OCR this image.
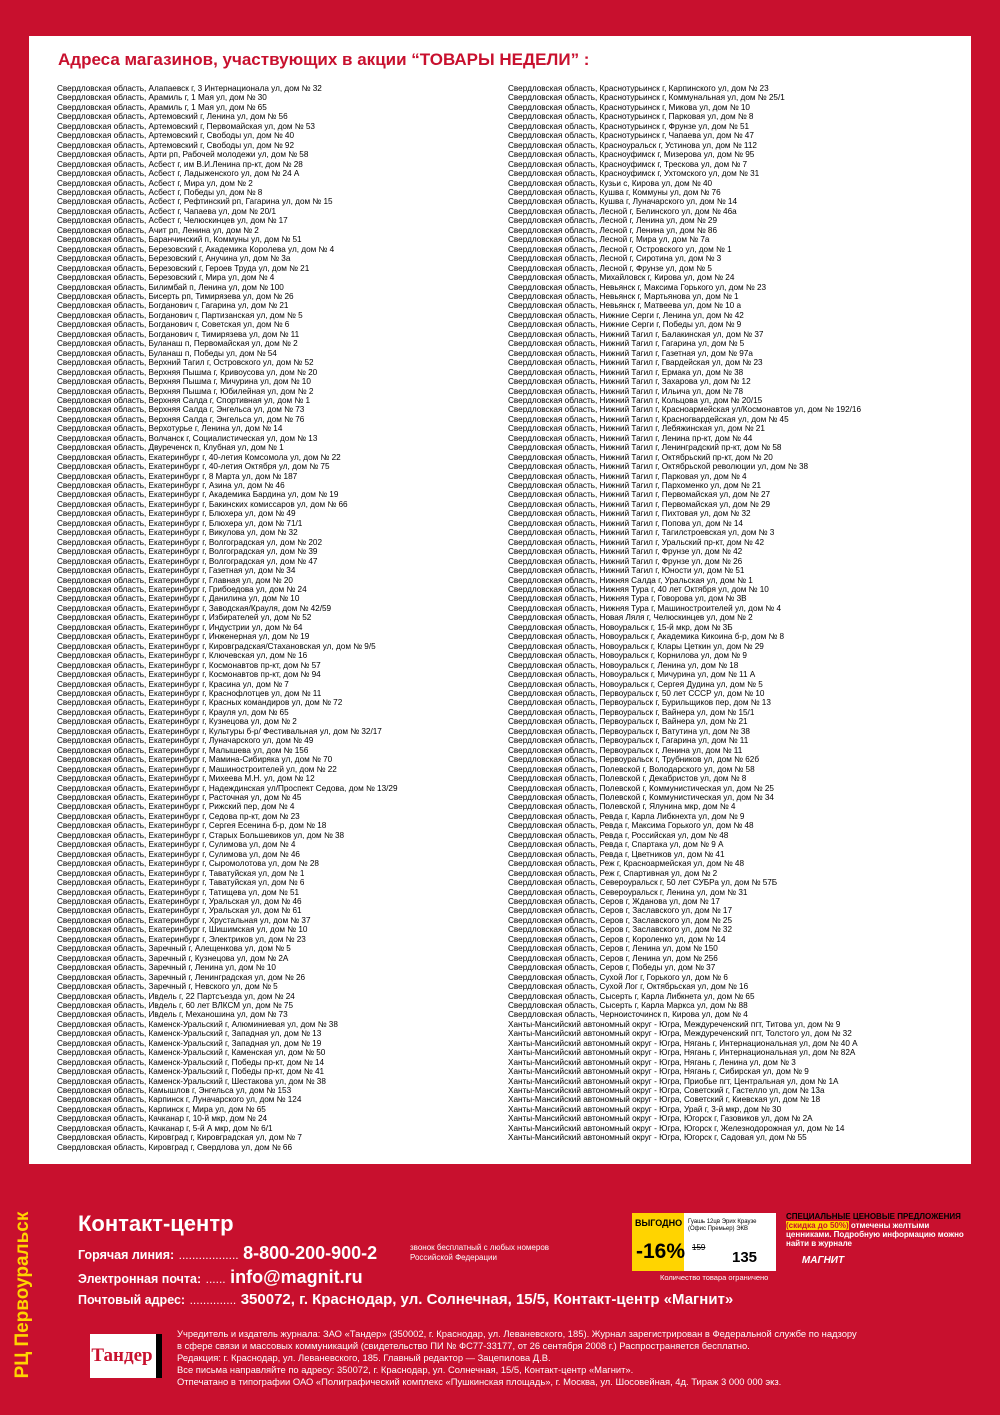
Адреса магазинов, участвующих в акции “ТОВАРЫ НЕДЕЛИ” :
Свердловская область, Алапаевск г, 3 Интернационала ул, дом № 32
Свердловская область, Арамиль г, 1 Мая ул, дом № 30
Свердловская область, Арамиль г, 1 Мая ул, дом № 65
Свердловская область, Артемовский г, Ленина ул, дом № 56
Свердловская область, Артемовский г, Первомайская ул, дом № 53
Свердловская область, Артемовский г, Свободы ул, дом № 40
Свердловская область, Артемовский г, Свободы ул, дом № 92
Свердловская область, Арти рп, Рабочей молодежи ул, дом № 58
Свердловская область, Асбест г, им В.И.Ленина пр-кт, дом № 28
Свердловская область, Асбест г, Ладыженского ул, дом № 24 А
Свердловская область, Асбест г, Мира ул, дом № 2
Свердловская область, Асбест г, Победы ул, дом № 8
Свердловская область, Асбест г, Рефтинский рп, Гагарина ул, дом № 15
Свердловская область, Асбест г, Чапаева ул, дом № 20/1
Свердловская область, Асбест г, Челюскинцев ул, дом № 17
Свердловская область, Ачит рп, Ленина ул, дом № 2
Свердловская область, Баранчинский п, Коммуны ул, дом № 51
Свердловская область, Березовский г, Академика Королева ул, дом № 4
Свердловская область, Березовский г, Анучина ул, дом № 3а
Свердловская область, Березовский г, Героев Труда ул, дом № 21
Свердловская область, Березовский г, Мира ул, дом № 4
Свердловская область, Билимбай п, Ленина ул, дом № 100
Свердловская область, Бисерть рп, Тимирязева ул, дом № 26
Свердловская область, Богданович г, Гагарина ул, дом № 21
Свердловская область, Богданович г, Партизанская ул, дом № 5
Свердловская область, Богданович г, Советская ул, дом № 6
Свердловская область, Богданович г, Тимирязева ул, дом № 11
Свердловская область, Буланаш п, Первомайская ул, дом № 2
Свердловская область, Буланаш п, Победы ул, дом № 54
Свердловская область, Верхний Тагил г, Островского ул, дом № 52
Свердловская область, Верхняя Пышма г, Кривоусова ул, дом № 20
Свердловская область, Верхняя Пышма г, Мичурина ул, дом № 10
Свердловская область, Верхняя Пышма г, Юбилейная ул, дом № 2
Свердловская область, Верхняя Салда г, Спортивная ул, дом № 1
Свердловская область, Верхняя Салда г, Энгельса ул, дом № 73
Свердловская область, Верхняя Салда г, Энгельса ул, дом № 76
Свердловская область, Верхотурье г, Ленина ул, дом № 14
Свердловская область, Волчанск г, Социалистическая ул, дом № 13
Свердловская область, Двуреченск п, Клубная ул, дом № 1
Свердловская область, Екатеринбург г, 40-летия Комсомола ул, дом № 22
Свердловская область, Екатеринбург г, 40-летия Октября ул, дом № 75
Свердловская область, Екатеринбург г, 8 Марта ул, дом № 187
Свердловская область, Екатеринбург г, Азина ул, дом № 46
Свердловская область, Екатеринбург г, Академика Бардина ул, дом № 19
Свердловская область, Екатеринбург г, Бакинских комиссаров ул, дом № 66
Свердловская область, Екатеринбург г, Блюхера ул, дом № 49
Свердловская область, Екатеринбург г, Блюхера ул, дом № 71/1
Свердловская область, Екатеринбург г, Викулова ул, дом № 32
Свердловская область, Екатеринбург г, Волгоградская ул, дом № 202
Свердловская область, Екатеринбург г, Волгоградская ул, дом № 39
Свердловская область, Екатеринбург г, Волгоградская ул, дом № 47
Свердловская область, Екатеринбург г, Газетная ул, дом № 34
Свердловская область, Екатеринбург г, Главная ул, дом № 20
Свердловская область, Екатеринбург г, Грибоедова ул, дом № 24
Свердловская область, Екатеринбург г, Данилина ул, дом № 10
Свердловская область, Екатеринбург г, Заводская/Крауля, дом № 42/59
Свердловская область, Екатеринбург г, Избирателей ул, дом № 52
Свердловская область, Екатеринбург г, Индустрии ул, дом № 64
Свердловская область, Екатеринбург г, Инженерная ул, дом № 19
Свердловская область, Екатеринбург г, Кировградская/Стахановская ул, дом № 9/5
Свердловская область, Екатеринбург г, Ключевская ул, дом № 16
Свердловская область, Екатеринбург г, Космонавтов пр-кт, дом № 57
Свердловская область, Екатеринбург г, Космонавтов пр-кт, дом № 94
Свердловская область, Екатеринбург г, Красина ул, дом № 7
Свердловская область, Екатеринбург г, Краснофлотцев ул, дом № 11
Свердловская область, Екатеринбург г, Красных командиров ул, дом № 72
Свердловская область, Екатеринбург г, Крауля ул, дом № 65
Свердловская область, Екатеринбург г, Кузнецова ул, дом № 2
Свердловская область, Екатеринбург г, Культуры б-р/ Фестивальная ул, дом № 32/17
Свердловская область, Екатеринбург г, Луначарского ул, дом № 49
Свердловская область, Екатеринбург г, Малышева ул, дом № 156
Свердловская область, Екатеринбург г, Мамина-Сибиряка ул, дом № 70
Свердловская область, Екатеринбург г, Машиностроителей ул, дом № 22
Свердловская область, Екатеринбург г, Михеева М.Н. ул, дом № 12
Свердловская область, Екатеринбург г, Надеждинская ул/Проспект Седова, дом № 13/29
Свердловская область, Екатеринбург г, Расточная ул, дом № 45
Свердловская область, Екатеринбург г, Рижский пер, дом № 4
Свердловская область, Екатеринбург г, Седова пр-кт, дом № 23
Свердловская область, Екатеринбург г, Сергея Есенина б-р, дом № 18
Свердловская область, Екатеринбург г, Старых Большевиков ул, дом № 38
Свердловская область, Екатеринбург г, Сулимова ул, дом № 4
Свердловская область, Екатеринбург г, Сулимова ул, дом № 46
Свердловская область, Екатеринбург г, Сыромолотова ул, дом № 28
Свердловская область, Екатеринбург г, Таватуйская ул, дом № 1
Свердловская область, Екатеринбург г, Таватуйская ул, дом № 6
Свердловская область, Екатеринбург г, Татищева ул, дом № 51
Свердловская область, Екатеринбург г, Уральская ул, дом № 46
Свердловская область, Екатеринбург г, Уральская ул, дом № 61
Свердловская область, Екатеринбург г, Хрустальная ул, дом № 37
Свердловская область, Екатеринбург г, Шишимская ул, дом № 10
Свердловская область, Екатеринбург г, Электриков ул, дом № 23
Свердловская область, Заречный г, Алещенкова ул, дом № 5
Свердловская область, Заречный г, Кузнецова ул, дом № 2А
Свердловская область, Заречный г, Ленина ул, дом № 10
Свердловская область, Заречный г, Ленинградская ул, дом № 26
Свердловская область, Заречный г, Невского ул, дом № 5
Свердловская область, Ивдель г, 22 Партсъезда ул, дом № 24
Свердловская область, Ивдель г, 60 лет ВЛКСМ ул, дом № 75
Свердловская область, Ивдель г, Механошина ул, дом № 73
Свердловская область, Каменск-Уральский г, Алюминиевая ул, дом № 38
Свердловская область, Каменск-Уральский г, Западная ул, дом № 13
Свердловская область, Каменск-Уральский г, Западная ул, дом № 19
Свердловская область, Каменск-Уральский г, Каменская ул, дом № 50
Свердловская область, Каменск-Уральский г, Победы пр-кт, дом № 14
Свердловская область, Каменск-Уральский г, Победы пр-кт, дом № 41
Свердловская область, Каменск-Уральский г, Шестакова ул, дом № 38
Свердловская область, Камышлов г, Энгельса ул, дом № 153
Свердловская область, Карпинск г, Луначарского ул, дом № 124
Свердловская область, Карпинск г, Мира ул, дом № 65
Свердловская область, Качканар г, 10-й мкр, дом № 24
Свердловская область, Качканар г, 5-й А мкр, дом № 6/1
Свердловская область, Кировград г, Кировградская ул, дом № 7
Свердловская область, Кировград г, Свердлова ул, дом № 66
Свердловская область, Краснотурьинск г, Карпинского ул, дом № 23
Свердловская область, Краснотурьинск г, Коммунальная ул, дом № 25/1
Свердловская область, Краснотурьинск г, Микова ул, дом № 10
Свердловская область, Краснотурьинск г, Парковая ул, дом № 8
Свердловская область, Краснотурьинск г, Фрунзе ул, дом № 51
Свердловская область, Краснотурьинск г, Чапаева ул, дом № 47
Свердловская область, Красноуральск г, Устинова ул, дом № 112
Свердловская область, Красноуфимск г, Мизерова ул, дом № 95
Свердловская область, Красноуфимск г, Трескова ул, дом № 7
Свердловская область, Красноуфимск г, Ухтомского ул, дом № 31
Свердловская область, Кузьи с, Кирова ул, дом № 40
Свердловская область, Кушва г, Коммуны ул, дом № 76
Свердловская область, Кушва г, Луначарского ул, дом № 14
Свердловская область, Лесной г, Белинского ул, дом № 46а
Свердловская область, Лесной г, Ленина ул, дом № 29
Свердловская область, Лесной г, Ленина ул, дом № 86
Свердловская область, Лесной г, Мира ул, дом № 7а
Свердловская область, Лесной г, Островского ул, дом № 1
Свердловская область, Лесной г, Сиротина ул, дом № 3
Свердловская область, Лесной г, Фрунзе ул, дом № 5
Свердловская область, Михайловск г, Кирова ул, дом № 24
Свердловская область, Невьянск г, Максима Горького ул, дом № 23
Свердловская область, Невьянск г, Мартьянова ул, дом № 1
Свердловская область, Невьянск г, Матвеева ул, дом № 10 а
Свердловская область, Нижние Серги г, Ленина ул, дом № 42
Свердловская область, Нижние Серги г, Победы ул, дом № 9
Свердловская область, Нижний Тагил г, Балакинская ул, дом № 37
Свердловская область, Нижний Тагил г, Гагарина ул, дом № 5
Свердловская область, Нижний Тагил г, Газетная ул, дом № 97а
Свердловская область, Нижний Тагил г, Гвардейская ул, дом № 23
Свердловская область, Нижний Тагил г, Ермака ул, дом № 38
Свердловская область, Нижний Тагил г, Захарова ул, дом № 12
Свердловская область, Нижний Тагил г, Ильича ул, дом № 78
Свердловская область, Нижний Тагил г, Кольцова ул, дом № 20/15
Свердловская область, Нижний Тагил г, Красноармейская ул/Космонавтов ул, дом № 192/16
Свердловская область, Нижний Тагил г, Красногвардейская ул, дом № 45
Свердловская область, Нижний Тагил г, Лебяжинская ул, дом № 21
Свердловская область, Нижний Тагил г, Ленина пр-кт, дом № 44
Свердловская область, Нижний Тагил г, Ленинградский пр-кт, дом № 58
Свердловская область, Нижний Тагил г, Октябрьский пр-кт, дом № 20
Свердловская область, Нижний Тагил г, Октябрьской революции ул, дом № 38
Свердловская область, Нижний Тагил г, Парковая ул, дом № 4
Свердловская область, Нижний Тагил г, Пархоменко ул, дом № 21
Свердловская область, Нижний Тагил г, Первомайская ул, дом № 27
Свердловская область, Нижний Тагил г, Первомайская ул, дом № 29
Свердловская область, Нижний Тагил г, Пихтовая ул, дом № 32
Свердловская область, Нижний Тагил г, Попова ул, дом № 14
Свердловская область, Нижний Тагил г, Тагилстроевская ул, дом № 3
Свердловская область, Нижний Тагил г, Уральский пр-кт, дом № 42
Свердловская область, Нижний Тагил г, Фрунзе ул, дом № 42
Свердловская область, Нижний Тагил г, Фрунзе ул, дом № 26
Свердловская область, Нижний Тагил г, Юности ул, дом № 51
Свердловская область, Нижняя Салда г, Уральская ул, дом № 1
Свердловская область, Нижняя Тура г, 40 лет Октября ул, дом № 10
Свердловская область, Нижняя Тура г, Говорова ул, дом № 3В
Свердловская область, Нижняя Тура г, Машиностроителей ул, дом № 4
Свердловская область, Новая Ляля г, Челюскинцев ул, дом № 2
Свердловская область, Новоуральск г, 15-й мкр, дом № 3Б
Свердловская область, Новоуральск г, Академика Кикоина б-р, дом № 8
Свердловская область, Новоуральск г, Клары Цеткин ул, дом № 29
Свердловская область, Новоуральск г, Корнилова ул, дом № 9
Свердловская область, Новоуральск г, Ленина ул, дом № 18
Свердловская область, Новоуральск г, Мичурина ул, дом № 11 А
Свердловская область, Новоуральск г, Сергея Дудина ул, дом № 5
Свердловская область, Первоуральск г, 50 лет СССР ул, дом № 10
Свердловская область, Первоуральск г, Бурильщиков пер, дом № 13
Свердловская область, Первоуральск г, Вайнера ул, дом № 15/1
Свердловская область, Первоуральск г, Вайнера ул, дом № 21
Свердловская область, Первоуральск г, Ватутина ул, дом № 38
Свердловская область, Первоуральск г, Гагарина ул, дом № 11
Свердловская область, Первоуральск г, Ленина ул, дом № 11
Свердловская область, Первоуральск г, Трубников ул, дом № 62б
Свердловская область, Полевской г, Володарского ул, дом № 58
Свердловская область, Полевской г, Декабристов ул, дом № 8
Свердловская область, Полевской г, Коммунистическая ул, дом № 25
Свердловская область, Полевской г, Коммунистическая ул, дом № 34
Свердловская область, Полевской г, Ялунина мкр, дом № 4
Свердловская область, Ревда г, Карла Либкнехта ул, дом № 9
Свердловская область, Ревда г, Максима Горького ул, дом № 48
Свердловская область, Ревда г, Российская ул, дом № 48
Свердловская область, Ревда г, Спартака ул, дом № 9 А
Свердловская область, Ревда г, Цветников ул, дом № 41
Свердловская область, Реж г, Красноармейская ул, дом № 48
Свердловская область, Реж г, Спартивная ул, дом № 2
Свердловская область, Североуральск г, 50 лет СУБРа ул, дом № 57Б
Свердловская область, Североуральск г, Ленина ул, дом № 31
Свердловская область, Серов г, Жданова ул, дом № 17
Свердловская область, Серов г, Заславского ул, дом № 17
Свердловская область, Серов г, Заславского ул, дом № 25
Свердловская область, Серов г, Заславского ул, дом № 32
Свердловская область, Серов г, Короленко ул, дом № 14
Свердловская область, Серов г, Ленина ул, дом № 150
Свердловская область, Серов г, Ленина ул, дом № 256
Свердловская область, Серов г, Победы ул, дом № 37
Свердловская область, Сухой Лог г, Горького ул, дом № 6
Свердловская область, Сухой Лог г, Октябрьская ул, дом № 16
Свердловская область, Сысерть г, Карла Либкнета ул, дом № 65
Свердловская область, Сысерть г, Карла Маркса ул, дом № 88
Свердловская область, Черноисточинск п, Кирова ул, дом № 4
Ханты-Мансийский автономный округ - Югра, Междуреченский пгт, Титова ул, дом № 9
Ханты-Мансийский автономный округ - Югра, Междуреченский пгт, Толстого ул, дом № 32
Ханты-Мансийский автономный округ - Югра, Нягань г, Интернациональная ул, дом № 40 А
Ханты-Мансийский автономный округ - Югра, Нягань г, Интернациональная ул, дом № 82А
Ханты-Мансийский автономный округ - Югра, Нягань г, Ленина ул, дом № 3
Ханты-Мансийский автономный округ - Югра, Нягань г, Сибирская ул, дом № 9
Ханты-Мансийский автономный округ - Югра, Приобье пгт, Центральная ул, дом № 1А
Ханты-Мансийский автономный округ - Югра, Советский г, Гастелло ул, дом № 13а
Ханты-Мансийский автономный округ - Югра, Советский г, Киевская ул, дом № 18
Ханты-Мансийский автономный округ - Югра, Урай г, 3-й мкр, дом № 30
Ханты-Мансийский автономный округ - Югра, Югорск г, Газовиков ул, дом № 2А
Ханты-Мансийский автономный округ - Югра, Югорск г, Железнодорожная ул, дом № 14
Ханты-Мансийский автономный округ - Югра, Югорск г, Садовая ул, дом № 55
РЦ Первоуральск Контакт-центр
Горячая линия: .................. 8-800-200-900-2	звонок бесплатный с любых номеров Российской Федерации
Электронная почта: ...... info@magnit.ru
Почтовый адрес: .............. 350072, г. Краснодар, ул. Солнечная, 15/5, Контакт-центр «Магнит»
ВЫГОДНО
-16%
Гуашь 12цв Эрих Краузе (Офис Премьер) ЭКВ
159
135
Количество товара ограничено
СПЕЦИАЛЬНЫЕ ЦЕНОВЫЕ ПРЕДЛОЖЕНИЯ
(скидка до 50%) отмечены желтыми ценниками. Подробную информацию можно найти в журнале
МАГНИТ
Тандер
Учредитель и издатель журнала: ЗАО «Тандер» (350002, г. Краснодар, ул. Леваневского, 185). Журнал зарегистрирован в Федеральной службе по надзору
в сфере связи и массовых коммуникаций (свидетельство ПИ № ФС77-33177, от 26 сентября 2008 г.) Распространяется бесплатно.
Редакция: г. Краснодар, ул. Леваневского, 185. Главный редактор — Зацепилова Д.В.
Все письма направляйте по адресу: 350072, г. Краснодар, ул. Солнечная, 15/5, Контакт-центр «Магнит».
Отпечатано в типографии ОАО «Полиграфический комплекс «Пушкинская площадь», г. Москва, ул. Шосовейная, 4д. Тираж 3 000 000 экз.
